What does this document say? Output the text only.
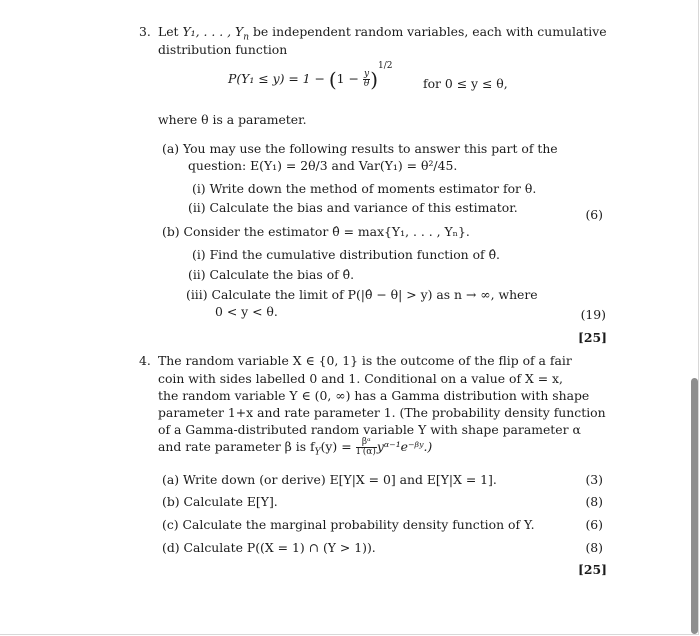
3. Let Y₁, . . . , $Y_n$ be independent random variables, each with cumulative
distribution function
$P(Y_1 \le y) = 1 - (1 - \frac{y}{\theta} )^{1/2}$
for 0 ≤ y ≤ θ,
where θ is a parameter.
(a) You may use the following results to answer this part of the
question: E(Y₁) = 2θ/3 and Var(Y₁) = θ²/45.
(i) Write down the method of moments estimator for θ.
(ii) Calculate the bias and variance of this estimator.	(6)
(b) Consider the estimator θ̂ = max{Y₁, . . . , Yₙ}.
(i) Find the cumulative distribution function of θ̂.
(ii) Calculate the bias of θ̂.
(iii) Calculate the limit of P(|θ̂ − θ| > y) as n → ∞, where
0 < y < θ.	(19)
[25]
4. The random variable X ∈ {0, 1} is the outcome of the flip of a fair
coin with sides labelled 0 and 1. Conditional on a value of X = x,
the random variable Y ∈ (0, ∞) has a Gamma distribution with shape
parameter 1+x and rate parameter 1. (The probability density function
of a Gamma-distributed random variable Y with shape parameter α
and rate parameter β is $f_Y(y) = \frac{\text{βᵅ}}{\Gamma(\alpha)}$ yᵅ⁻¹e⁻ᵝʸ.)
(a) Write down (or derive) E[Y|X = 0] and E[Y|X = 1].	(3)
(b) Calculate E[Y].	(8)
(c) Calculate the marginal probability density function of Y.	(6)
(d) Calculate P((X = 1) ∩ (Y > 1)).	(8)
[25]
